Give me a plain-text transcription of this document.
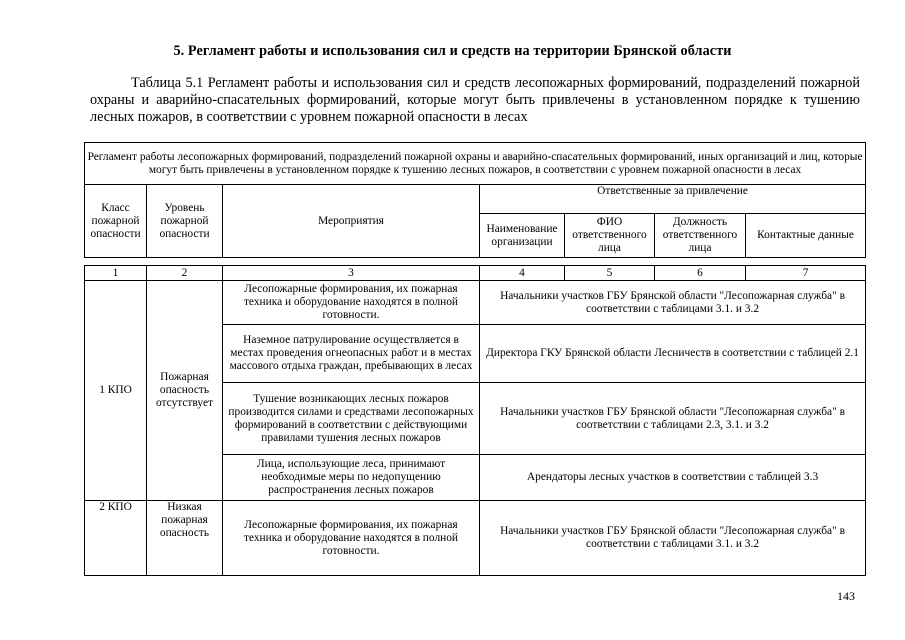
5. Регламент работы и использования сил и средств на территории Брянской области
Таблица 5.1 Регламент работы и использования сил и средств лесопожарных формирований, подразделений пожарной охраны и аварийно-спасательных формирований, которые могут быть привлечены в установленном порядке к тушению лесных пожаров, в соответствии с уровнем пожарной опасности в лесах
Регламент работы лесопожарных формирований, подразделений пожарной охраны и аварийно-спасательных формирований, иных организаций и лиц, которые могут быть привлечены в установленном порядке к тушению лесных пожаров, в соответствии с уровнем пожарной опасности в лесах						
Класс пожарной опасности	Уровень пожарной опасности	Мероприятия	Ответственные за привлечение			
			Наименование организации	ФИО ответственного лица	Должность ответственного лица	Контактные данные

1	2	3	4	5	6	7
1 КПО	Пожарная опасность отсутствует	Лесопожарные формирования, их пожарная техника и оборудование находятся в полной готовности.	Начальники участков ГБУ Брянской области "Лесопожарная служба" в соответствии с таблицами 3.1. и 3.2			
		Наземное патрулирование осуществляется в местах проведения огнеопасных работ и в местах массового отдыха граждан, пребывающих в лесах	Директора ГКУ Брянской области Лесничеств в соответствии с таблицей 2.1			
		Тушение возникающих лесных пожаров производится силами и средствами лесопожарных формирований в соответствии с действующими правилами тушения лесных пожаров	Начальники участков ГБУ Брянской области "Лесопожарная служба" в соответствии с таблицами 2.3, 3.1. и 3.2			
		Лица, использующие леса, принимают необходимые меры по недопущению распространения лесных пожаров	Арендаторы лесных участков в соответствии с таблицей 3.3			
2 КПО	Низкая пожарная опасность	Лесопожарные формирования, их пожарная техника и оборудование находятся в полной готовности.	Начальники участков ГБУ Брянской области "Лесопожарная служба" в соответствии с таблицами 3.1. и 3.2			
143
